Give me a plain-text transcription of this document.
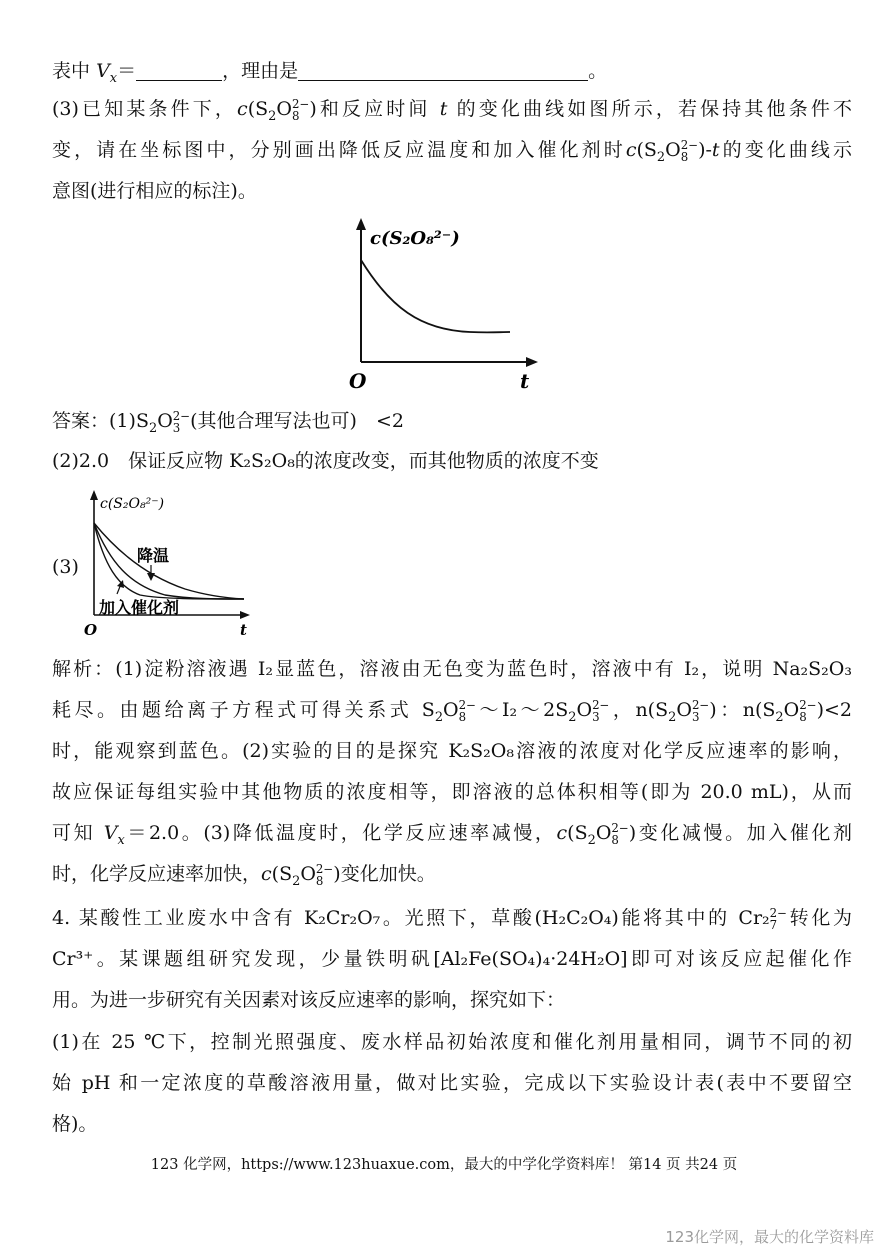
表中 $V_x=$	，理由是	。
(3)已知某条件下，$c(S_2O$ 2−
8 )和反应时间 t 的变化曲线如图所示，若保持其他条件不
变，请在坐标图中，分别画出降低反应温度和加入催化剂时$c(S_2O$ 2−
8 )-t的变化曲线示
意图(进行相应的标注)。
c(S₂O₈²⁻)
O	t
答案：$(1)S_2O$ 2−
3 (其他合理写法也可)　<2
(2)2.0　保证反应物 K₂S₂O₈的浓度改变，而其他物质的浓度不变
(3)
c(S₂O₈²⁻)
降温
加入催化剂
O	t
解析：(1)淀粉溶液遇 I₂显蓝色，溶液由无色变为蓝色时，溶液中有 I₂，说明 Na₂S₂O₃
耗尽。由题给离子方程式可得关系式 $S_2O$ 2−
8 $\sim I_2\sim 2S_2O$ 2−
3 ，$n(S_2O$ 2−
3 )：$n(S_2O$ 2−
8 )<2
时，能观察到蓝色。(2)实验的目的是探究 K₂S₂O₈溶液的浓度对化学反应速率的影响，
故应保证每组实验中其他物质的浓度相等，即溶液的总体积相等(即为 20.0 mL)，从而
可知 $V_x=2.0$。(3)降低温度时，化学反应速率减慢，$c(S_2O$ 2−
8 )变化减慢。加入催化剂
时，化学反应速率加快，$c(S_2O$ 2−
8 )变化加快。
4. 某酸性工业废水中含有 K₂Cr₂O₇。光照下，草酸(H₂C₂O₄)能将其中的 Cr₂ 2−
7 转化为
Cr³⁺。某课题组研究发现，少量铁明矾[Al₂Fe(SO₄)₄·24H₂O]即可对该反应起催化作
用。为进一步研究有关因素对该反应速率的影响，探究如下：
(1)在 25 ℃下，控制光照强度、废水样品初始浓度和催化剂用量相同，调节不同的初
始 pH 和一定浓度的草酸溶液用量，做对比实验，完成以下实验设计表(表中不要留空
格)。
123 化学网，https://www.123huaxue.com，最大的中学化学资料库！ 第14 页 共24 页
123化学网，最大的化学资料库
